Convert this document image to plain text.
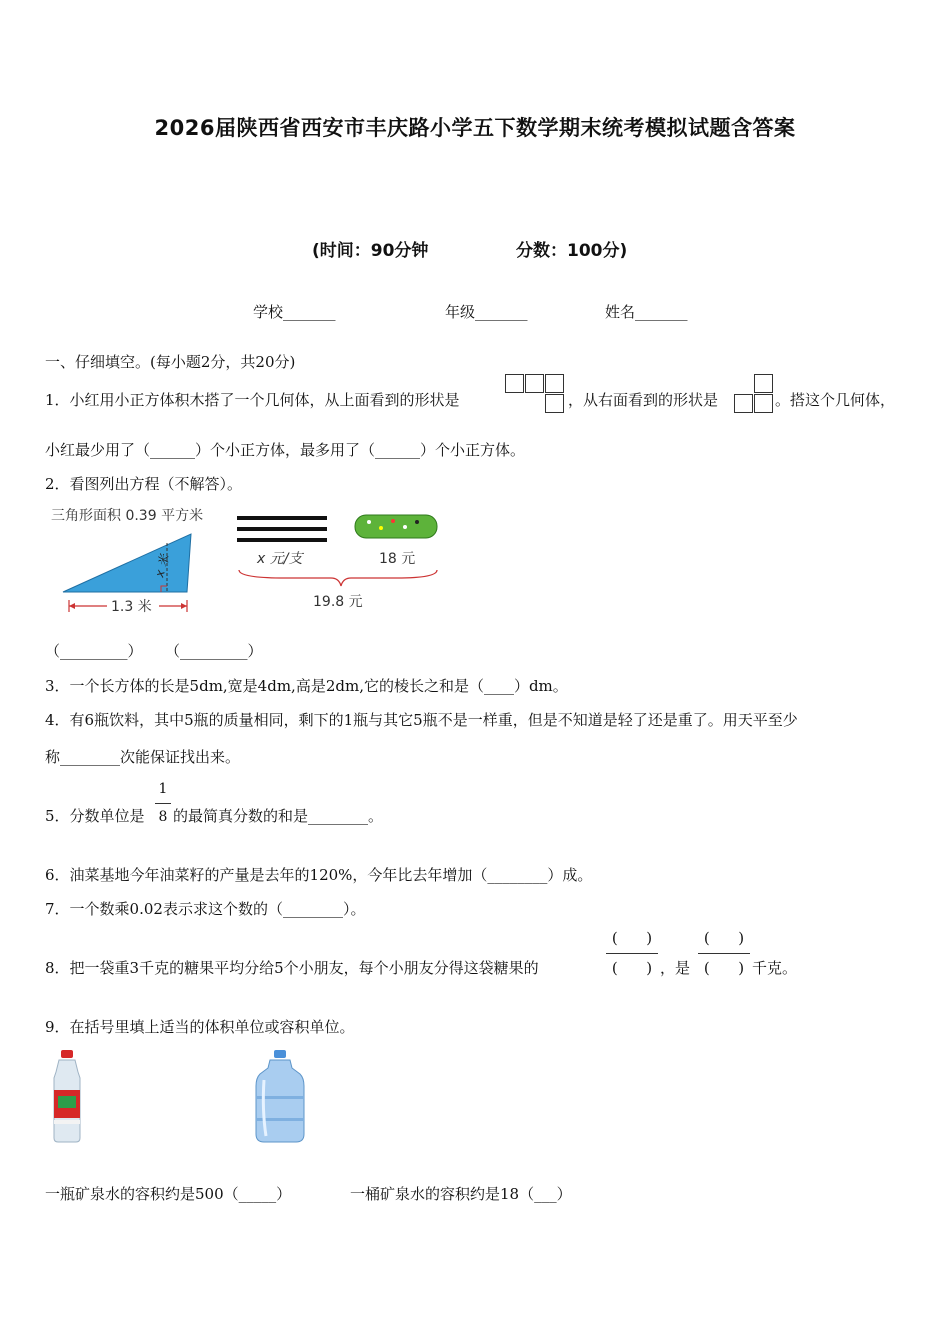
2026届陕西省西安市丰庆路小学五下数学期末统考模拟试题含答案
(时间：90分钟	分数：100分)
学校_______	年级_______	姓名_______
一、仔细填空。(每小题2分，共20分)
1．小红用小正方体积木搭了一个几何体，从上面看到的形状是	，从右面看到的形状是	。搭这个几何体，
小红最少用了（______）个小正方体，最多用了（______）个小正方体。
2．看图列出方程（不解答）。
三角形面积 0.39 平方米
x 米
1.3 米
x 元/支	18 元
19.8 元
（_________） （_________）
3．一个长方体的长是5dm,宽是4dm,高是2dm,它的棱长之和是（____）dm。
4．有6瓶饮料，其中5瓶的质量相同，剩下的1瓶与其它5瓶不是一样重，但是不知道是轻了还是重了。用天平至少
称________次能保证找出来。
5．分数单位是
1
8 的最简真分数的和是________。
6．油菜基地今年油菜籽的产量是去年的120%，今年比去年增加（________）成。
7．一个数乘0.02表示求这个数的（________）。
8．把一袋重3千克的糖果平均分给5个小朋友，每个小朋友分得这袋糖果的
(      )
(      ) ，是
(      )
(      ) 千克。
9．在括号里填上适当的体积单位或容积单位。
一瓶矿泉水的容积约是500（_____）	一桶矿泉水的容积约是18（___）
